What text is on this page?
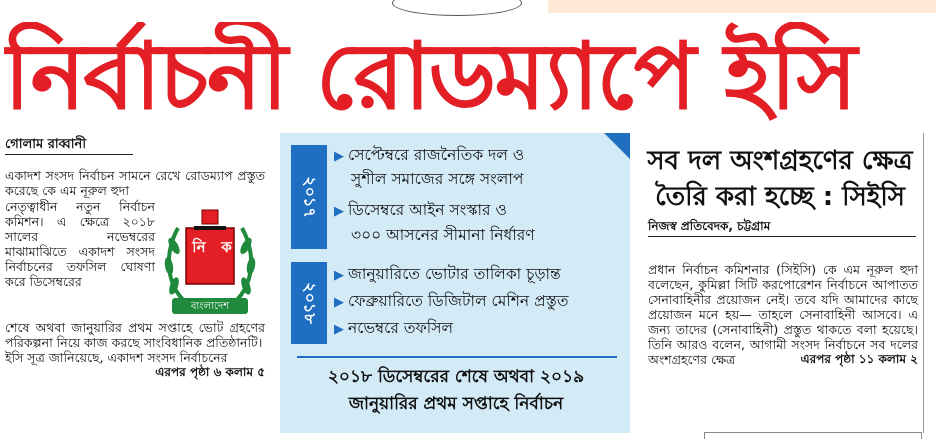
নির্বাচনী রোডম্যাপে ইসি
গোলাম রাব্বানী
একাদশ সংসদ নির্বাচন সামনে রেখে রোডম্যাপ প্রস্তুত করেছে কে এম নূরুল হুদা
নেতৃত্বাধীন নতুন নির্বাচন কমিশন। এ ক্ষেত্রে ২০১৮ সালের নভেম্বরের মাঝামাঝিতে একাদশ সংসদ নির্বাচনের তফসিল ঘোষণা করে ডিসেম্বরের
নি   ক
বাংলাদেশ
শেষে অথবা জানুয়ারির প্রথম সপ্তাহে ভোট গ্রহণের পরিকল্পনা নিয়ে কাজ করছে সাংবিধানিক প্রতিষ্ঠানটি।
ইসি সূত্র জানিয়েছে, একাদশ সংসদ নির্বাচনের
এরপর পৃষ্ঠা ৬ কলাম ৫
২০১৭
২০১৮
▶ সেপ্টেম্বরে রাজনৈতিক দল ও
সুশীল সমাজের সঙ্গে সংলাপ
▶ ডিসেম্বরে আইন সংস্কার ও
৩০০ আসনের সীমানা নির্ধারণ
▶ জানুয়ারিতে ভোটার তালিকা চূড়ান্ত
▶ ফেব্রুয়ারিতে ডিজিটাল মেশিন প্রস্তুত
▶ নভেম্বরে তফসিল
২০১৮ ডিসেম্বরের শেষে অথবা ২০১৯
জানুয়ারির প্রথম সপ্তাহে নির্বাচন
সব দল অংশগ্রহণের ক্ষেত্র
তৈরি করা হচ্ছে : সিইসি
নিজস্ব প্রতিবেদক, চট্টগ্রাম
প্রধান নির্বাচন কমিশনার (সিইসি) কে এম নূরুল হুদা বলেছেন, কুমিল্লা সিটি করপোরেশন নির্বাচনে আপাতত সেনাবাহিনীর প্রয়োজন নেই। তবে যদি আমাদের কাছে প্রয়োজন মনে হয়— তাহলে সেনাবাহিনী আসবে। এ জন্য তাদের (সেনাবাহিনী) প্রস্তুত থাকতে বলা হয়েছে। তিনি আরও বলেন, আগামী সংসদ নির্বাচনে সব দলের অংশগ্রহণের ক্ষেত্র	এরপর পৃষ্ঠা ১১ কলাম ২
